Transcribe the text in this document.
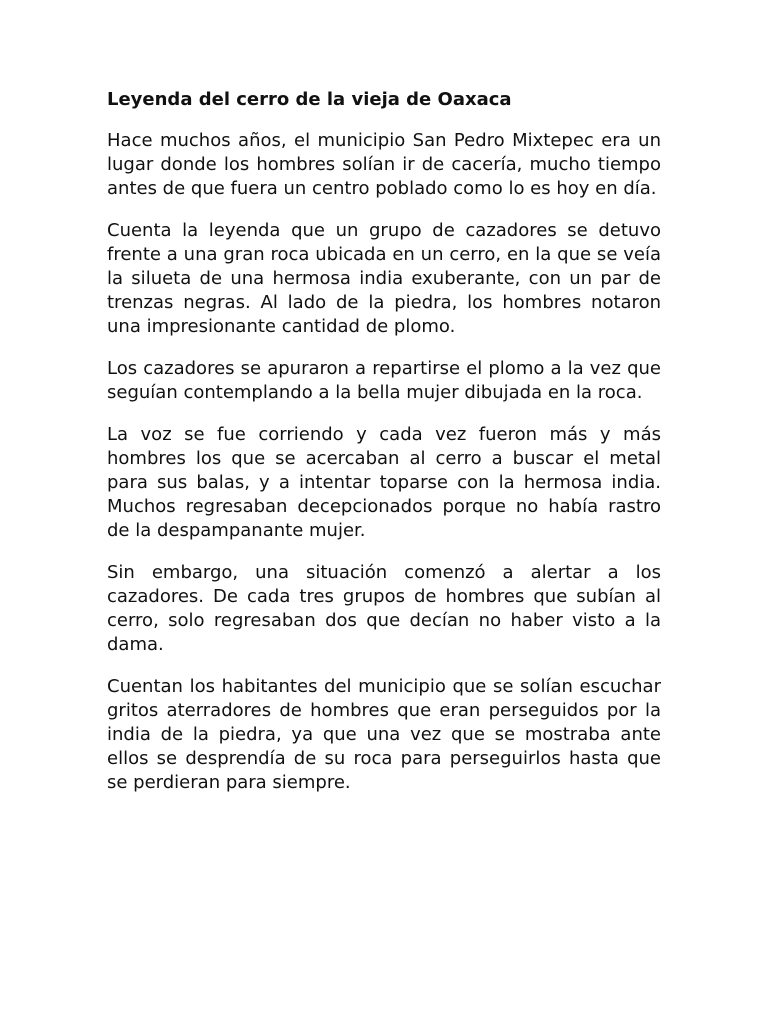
Leyenda del cerro de la vieja de Oaxaca

Hace muchos años, el municipio San Pedro Mixtepec era un lugar donde los hombres solían ir de cacería, mucho tiempo antes de que fuera un centro poblado como lo es hoy en día.

Cuenta la leyenda que un grupo de cazadores se detuvo frente a una gran roca ubicada en un cerro, en la que se veía la silueta de una hermosa india exuberante, con un par de trenzas negras. Al lado de la piedra, los hombres notaron una impresionante cantidad de plomo.

Los cazadores se apuraron a repartirse el plomo a la vez que seguían contemplando a la bella mujer dibujada en la roca.

La voz se fue corriendo y cada vez fueron más y más hombres los que se acercaban al cerro a buscar el metal para sus balas, y a intentar toparse con la hermosa india. Muchos regresaban decepcionados porque no había rastro de la despampanante mujer.

Sin embargo, una situación comenzó a alertar a los cazadores. De cada tres grupos de hombres que subían al cerro, solo regresaban dos que decían no haber visto a la dama.

Cuentan los habitantes del municipio que se solían escuchar gritos aterradores de hombres que eran perseguidos por la india de la piedra, ya que una vez que se mostraba ante ellos se desprendía de su roca para perseguirlos hasta que se perdieran para siempre.
